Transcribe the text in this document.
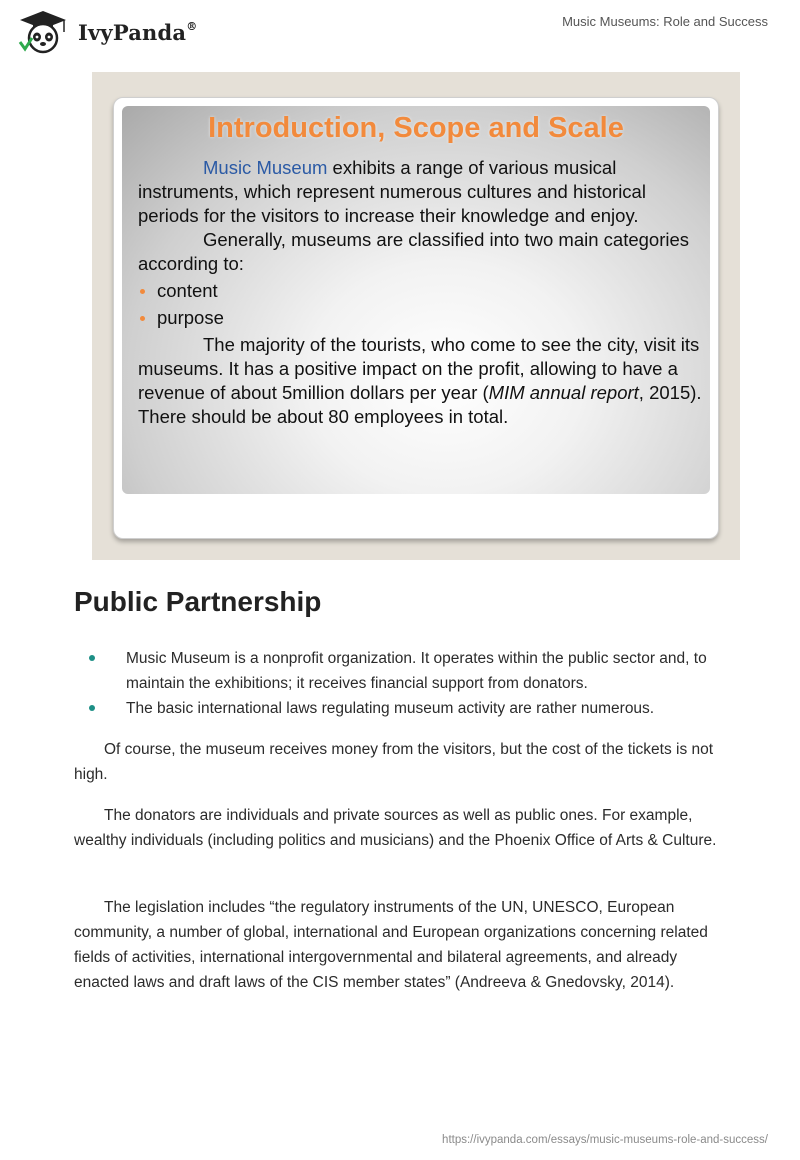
IvyPanda®	Music Museums: Role and Success
Introduction, Scope and Scale

Music Museum exhibits a range of various musical instruments, which represent numerous cultures and historical periods for the visitors to increase their knowledge and enjoy.

Generally, museums are classified into two main categories according to:

content

purpose

The majority of the tourists, who come to see the city, visit its museums. It has a positive impact on the profit, allowing to have a revenue of about 5million dollars per year (MIM annual report, 2015). There should be about 80 employees in total.

Public Partnership
Music Museum is a nonprofit organization. It operates within the public sector and, to maintain the exhibitions; it receives financial support from donators.
The basic international laws regulating museum activity are rather numerous.

Of course, the museum receives money from the visitors, but the cost of the tickets is not high.

The donators are individuals and private sources as well as public ones. For example, wealthy individuals (including politics and musicians) and the Phoenix Office of Arts & Culture.

The legislation includes “the regulatory instruments of the UN, UNESCO, European community, a number of global, international and European organizations concerning related fields of activities, international intergovernmental and bilateral agreements, and already enacted laws and draft laws of the CIS member states” (Andreeva & Gnedovsky, 2014).

https://ivypanda.com/essays/music-museums-role-and-success/
